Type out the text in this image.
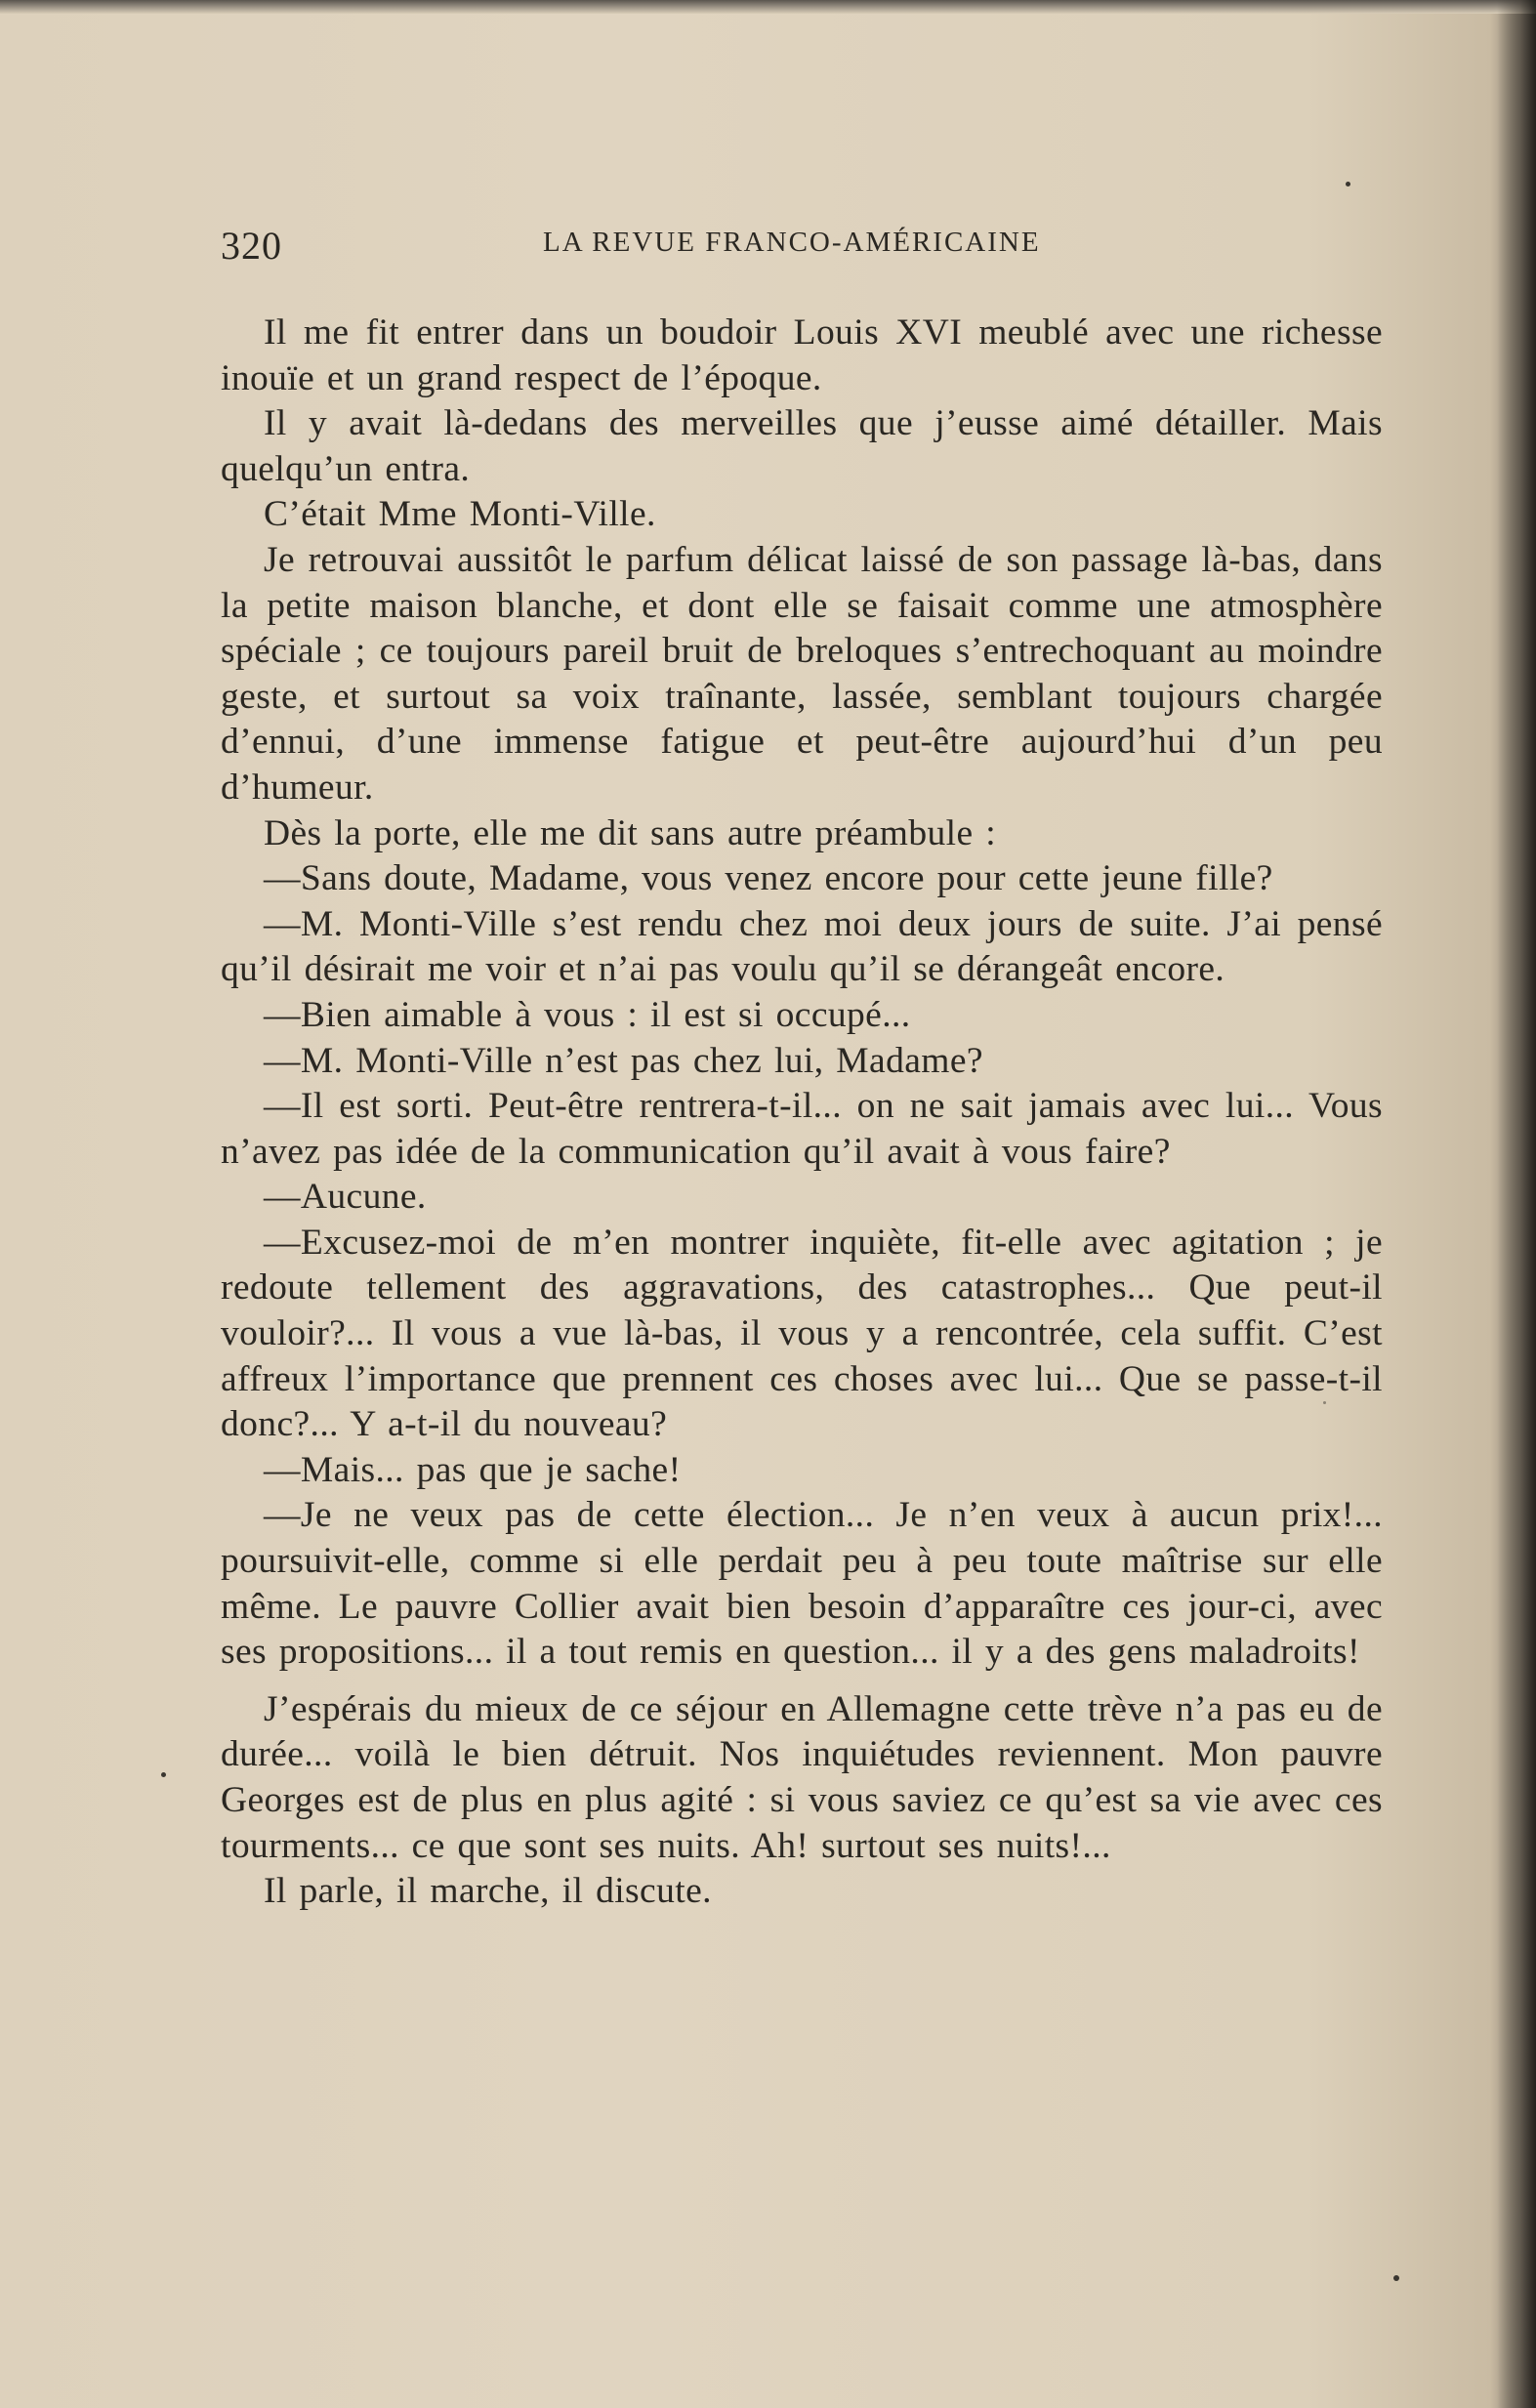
320	LA REVUE FRANCO-AMÉRICAINE

Il me fit entrer dans un boudoir Louis XVI meublé avec une richesse inouïe et un grand respect de l’époque.

Il y avait là-dedans des merveilles que j’eusse aimé détailler. Mais quelqu’un entra.

C’était Mme Monti-Ville.

Je retrouvai aussitôt le parfum délicat laissé de son passage là-bas, dans la petite maison blanche, et dont elle se faisait comme une atmosphère spéciale ; ce toujours pareil bruit de breloques s’entrechoquant au moindre geste, et surtout sa voix traînante, lassée, semblant toujours chargée d’ennui, d’une immense fatigue et peut-être aujourd’hui d’un peu d’humeur.

Dès la porte, elle me dit sans autre préambule :

—Sans doute, Madame, vous venez encore pour cette jeune fille?

—M. Monti-Ville s’est rendu chez moi deux jours de suite. J’ai pensé qu’il désirait me voir et n’ai pas voulu qu’il se dérangeât encore.

—Bien aimable à vous : il est si occupé...

—M. Monti-Ville n’est pas chez lui, Madame?

—Il est sorti. Peut-être rentrera-t-il... on ne sait jamais avec lui... Vous n’avez pas idée de la communication qu’il avait à vous faire?

—Aucune.

—Excusez-moi de m’en montrer inquiète, fit-elle avec agitation ; je redoute tellement des aggravations, des catastrophes... Que peut-il vouloir?... Il vous a vue là-bas, il vous y a rencontrée, cela suffit. C’est affreux l’importance que prennent ces choses avec lui... Que se passe-t-il donc?... Y a-t-il du nouveau?

—Mais... pas que je sache!

—Je ne veux pas de cette élection... Je n’en veux à aucun prix!... poursuivit-elle, comme si elle perdait peu à peu toute maîtrise sur elle même. Le pauvre Collier avait bien besoin d’apparaître ces jour-ci, avec ses propositions... il a tout remis en question... il y a des gens maladroits!

J’espérais du mieux de ce séjour en Allemagne cette trève n’a pas eu de durée... voilà le bien détruit. Nos inquiétudes reviennent. Mon pauvre Georges est de plus en plus agité : si vous saviez ce qu’est sa vie avec ces tourments... ce que sont ses nuits. Ah! surtout ses nuits!...

Il parle, il marche, il discute.
